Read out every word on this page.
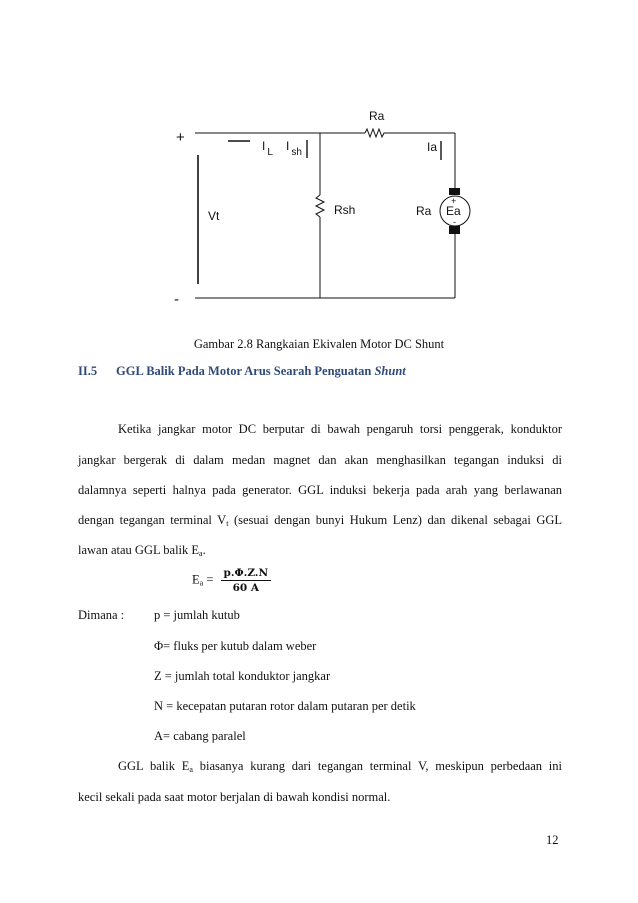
+
-
Vt
I $_L$ I $_{sh}$
Ra
Rsh
Ia
+
Ea
-
Ra
Gambar 2.8 Rangkaian Ekivalen Motor DC Shunt
II.5 GGL Balik Pada Motor Arus Searah Penguatan Shunt
Ketika jangkar motor DC berputar di bawah pengaruh torsi penggerak, konduktor
jangkar bergerak di dalam medan magnet dan akan menghasilkan tegangan induksi di
dalamnya seperti halnya pada generator. GGL induksi bekerja pada arah yang berlawanan
dengan tegangan terminal $V_t$ (sesuai dengan bunyi Hukum Lenz) dan dikenal sebagai GGL
lawan atau GGL balik $E_a$.
$E_a = \frac{p.\Phi.Z.N}{60 A}$
Dimana : p = jumlah kutub
Φ= fluks per kutub dalam weber
Z = jumlah total konduktor jangkar
N = kecepatan putaran rotor dalam putaran per detik
A= cabang paralel
GGL balik $E_a$ biasanya kurang dari tegangan terminal V, meskipun perbedaan ini
kecil sekali pada saat motor berjalan di bawah kondisi normal.
12
